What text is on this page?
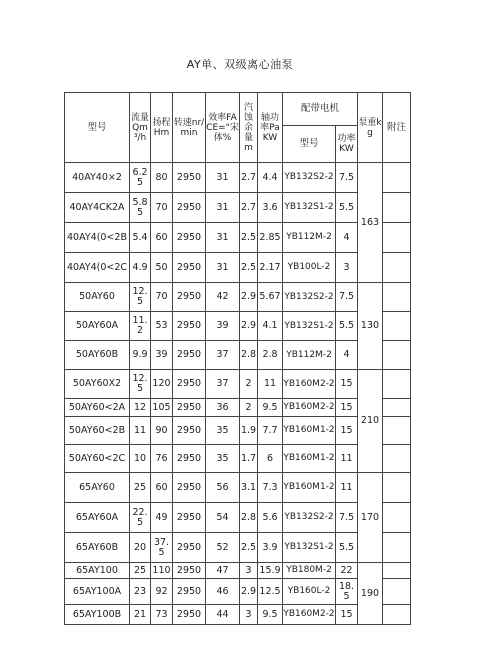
AY单、双级离心油泵
型号	流量Qm³/h	扬程Hm	转速nr/min	效率FACE="宋体%	汽蚀余量m	轴功率PaKW	配带电机		泵重kg	附注
							型号	功率KW		
40AY40×2	6.25	80	2950	31	2.7	4.4	YB132S2-2	7.5	163	
40AY4CK2A	5.85	70	2950	31	2.7	3.6	YB132S1-2	5.5		
40AY4(0<2B	5.4	60	2950	31	2.5	2.85	YB112M-2	4		
40AY4(0<2C	4.9	50	2950	31	2.5	2.17	YB100L-2	3		
50AY60	12.5	70	2950	42	2.9	5.67	YB132S2-2	7.5	130	
50AY60A	11.2	53	2950	39	2.9	4.1	YB132S1-2	5.5		
50AY60B	9.9	39	2950	37	2.8	2.8	YB112M-2	4		
50AY60X2	12.5	120	2950	37	2	11	YB160M2-2	15	210	
50AY60<2A	12	105	2950	36	2	9.5	YB160M2-2	15		
50AY60<2B	11	90	2950	35	1.9	7.7	YB160M1-2	15		
50AY60<2C	10	76	2950	35	1.7	6	YB160M1-2	11		
65AY60	25	60	2950	56	3.1	7.3	YB160M1-2	11	170	
65AY60A	22.5	49	2950	54	2.8	5.6	YB132S2-2	7.5		
65AY60B	20	37.5	2950	52	2.5	3.9	YB132S1-2	5.5		
65AY100	25	110	2950	47	3	15.9	YB180M-2	22	190	
65AY100A	23	92	2950	46	2.9	12.5	YB160L-2	18.5		
65AY100B	21	73	2950	44	3	9.5	YB160M2-2	15		
